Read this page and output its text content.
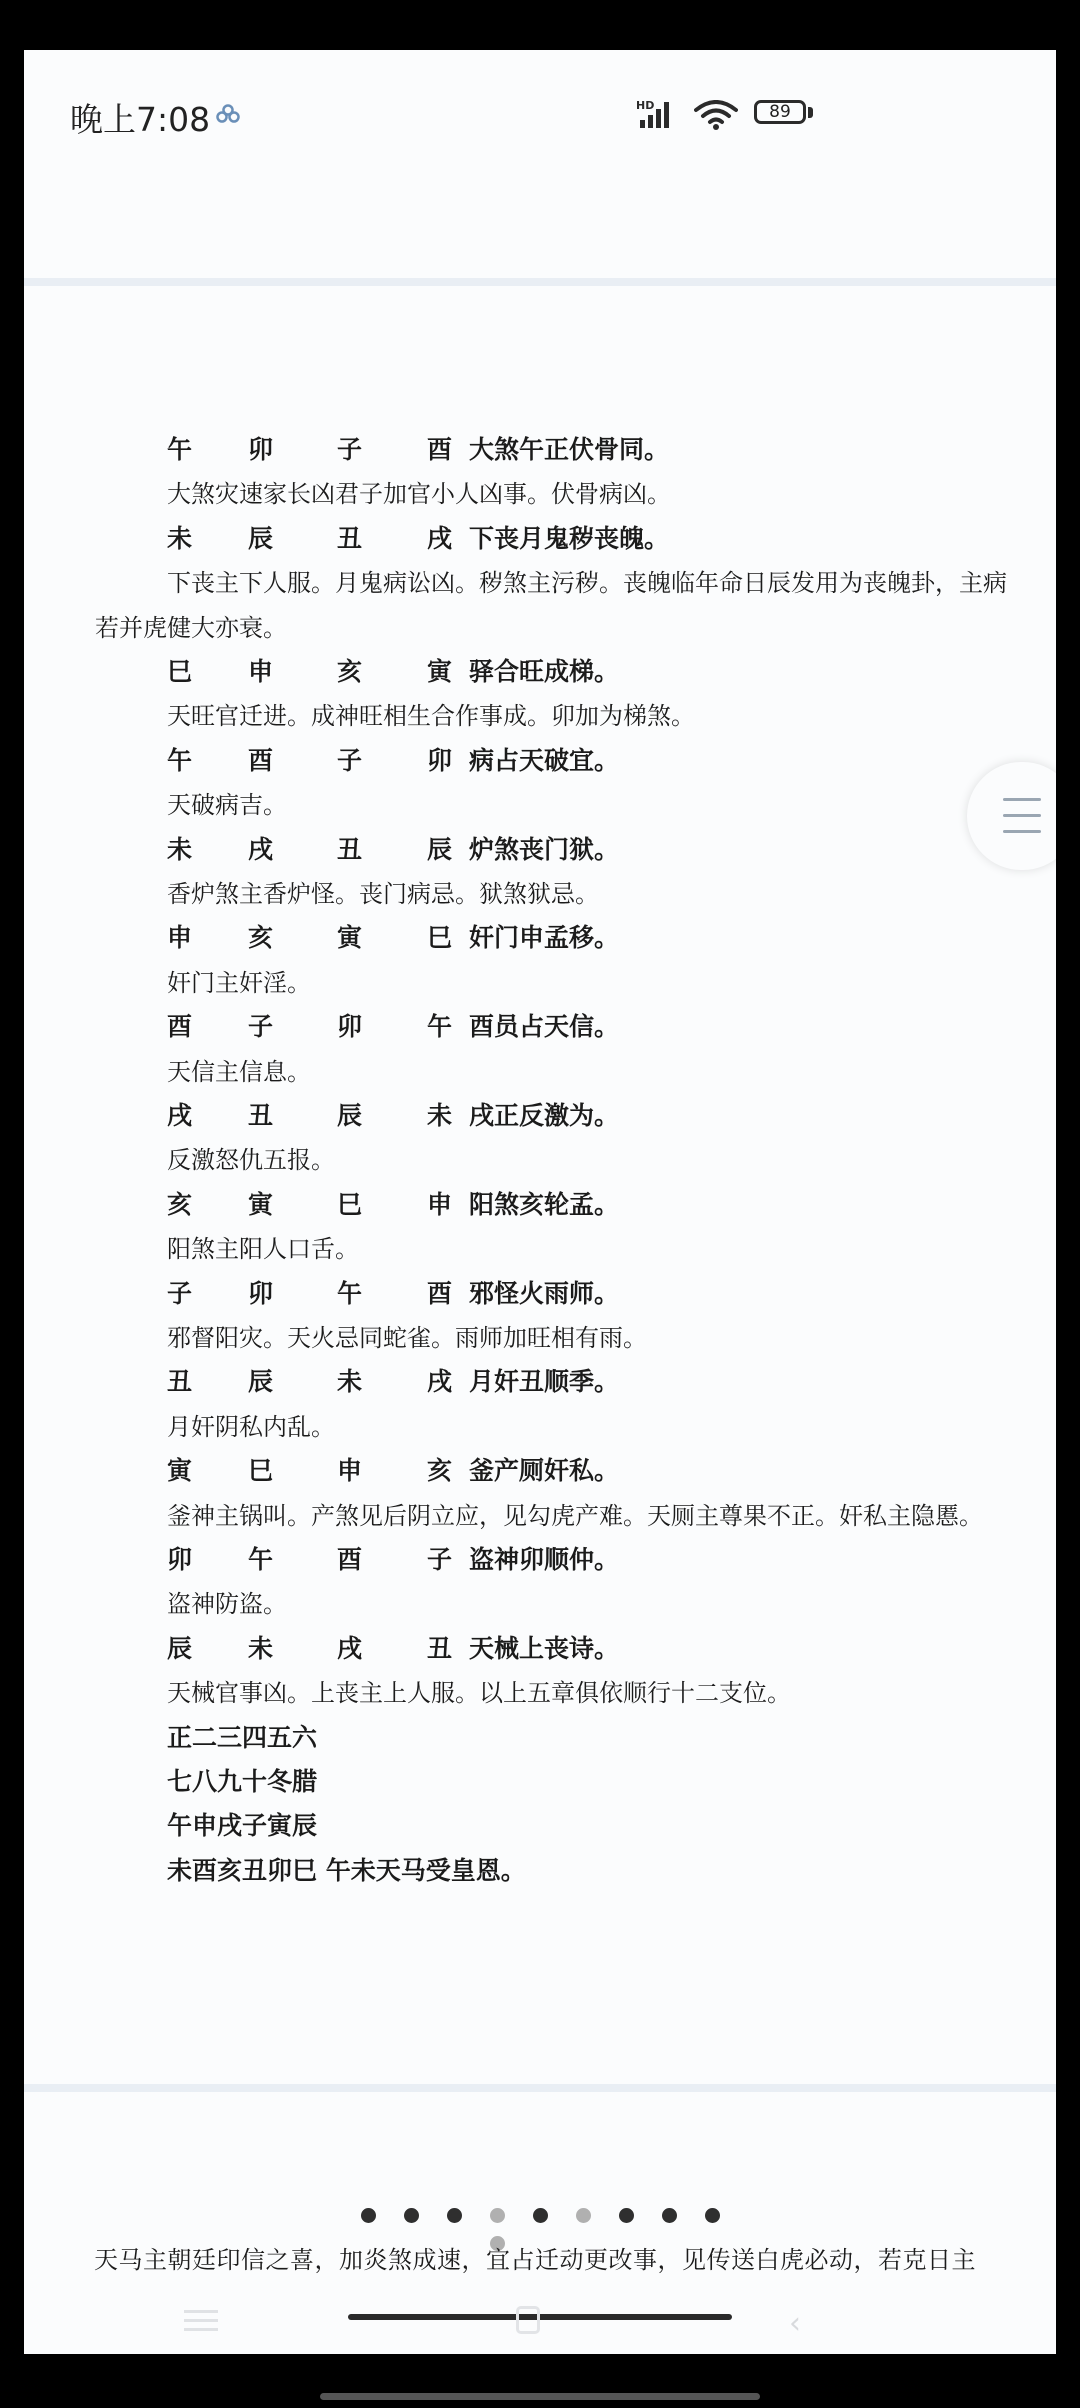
晚上7:08	HD	89
午 卯	子	酉 大煞午正伏骨同。
大煞灾速家长凶君子加官小人凶事。伏骨病凶。
未 辰	丑	戌 下丧月鬼秽丧魄。
下丧主下人服。月鬼病讼凶。秽煞主污秽。丧魄临年命日辰发用为丧魄卦，主病
若并虎健大亦衰。
巳 申	亥	寅 驿合旺成梯。
天旺官迁进。成神旺相生合作事成。卯加为梯煞。
午 酉	子	卯 病占天破宜。
天破病吉。
未 戌	丑	辰 炉煞丧门狱。
香炉煞主香炉怪。丧门病忌。狱煞狱忌。
申 亥	寅	巳 奸门申孟移。
奸门主奸淫。
酉 子	卯	午 酉员占天信。
天信主信息。
戌 丑	辰	未 戌正反激为。
反激怒仇五报。
亥 寅	巳	申 阳煞亥轮孟。
阳煞主阳人口舌。
子 卯	午	酉 邪怪火雨师。
邪督阳灾。天火忌同蛇雀。雨师加旺相有雨。
丑 辰	未	戌 月奸丑顺季。
月奸阴私内乱。
寅 巳	申	亥 釜产厕奸私。
釜神主锅叫。产煞见后阴立应，见勾虎产难。天厕主尊果不正。奸私主隐慝。
卯 午	酉	子 盗神卯顺仲。
盗神防盗。
辰 未	戌	丑 天械上丧诗。
天械官事凶。上丧主上人服。以上五章俱依顺行十二支位。
正二三四五六
七八九十冬腊
午申戌子寅辰
未酉亥丑卯巳 午未天马受皇恩。
天马主朝廷印信之喜，加炎煞成速，宜占迁动更改事，见传送白虎必动，若克日主
‹
